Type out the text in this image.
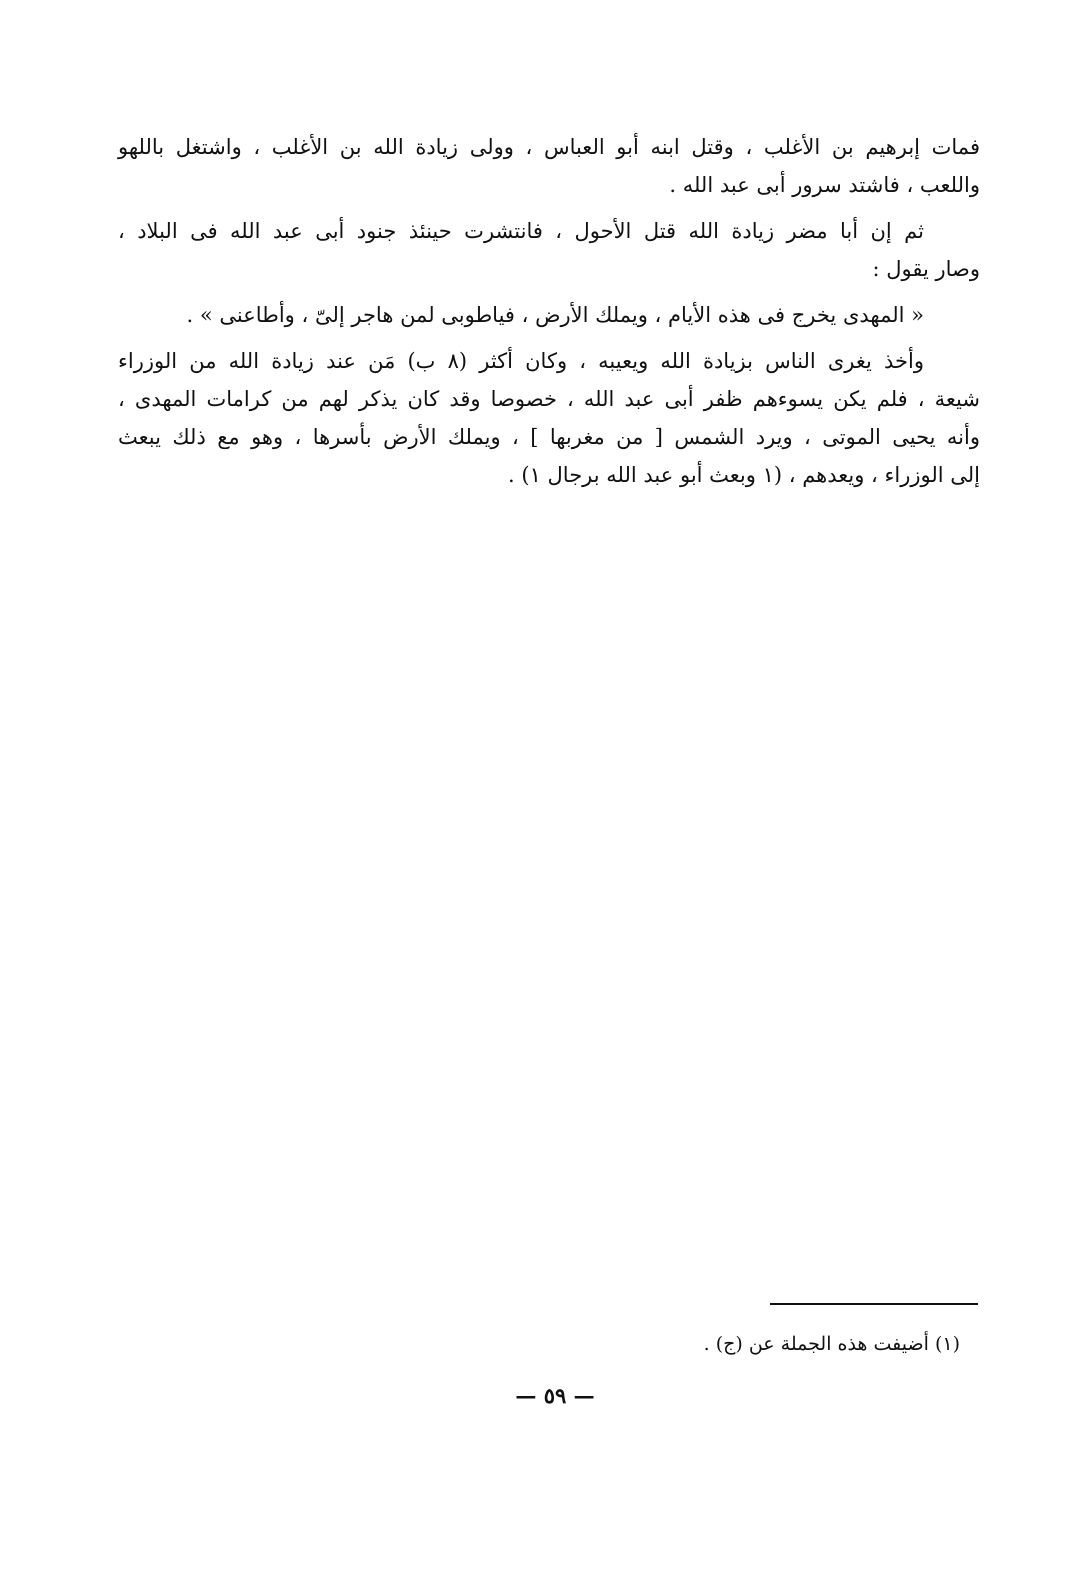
فمات إبرهيم بن الأغلب ، وقتل ابنه أبو العباس ، وولى زيادة الله بن الأغلب ، واشتغل باللهو
واللعب ، فاشتد سرور أبى عبد الله .

ثم إن أبا مضر زيادة الله قتل الأحول ، فانتشرت حينئذ جنود أبى عبد الله فى البلاد ،
وصار يقول :

« المهدى يخرج فى هذه الأيام ، ويملك الأرض ، فياطوبى لمن هاجر إلىّ ، وأطاعنى » .

وأخذ يغرى الناس بزيادة الله ويعيبه ، وكان أكثر (٨ ب) مَن عند زيادة الله من الوزراء
شيعة ، فلم يكن يسوءهم ظفر أبى عبد الله ، خصوصا وقد كان يذكر لهم من كرامات المهدى ،
وأنه يحيى الموتى ، ويرد الشمس [ من مغربها ] ، ويملك الأرض بأسرها ، وهو مع ذلك يبعث
إلى الوزراء ، ويعدهم ، (١ وبعث أبو عبد الله برجال ١) .

(١) أضيفت هذه الجملة عن (ج) .
— ٥٩ —
